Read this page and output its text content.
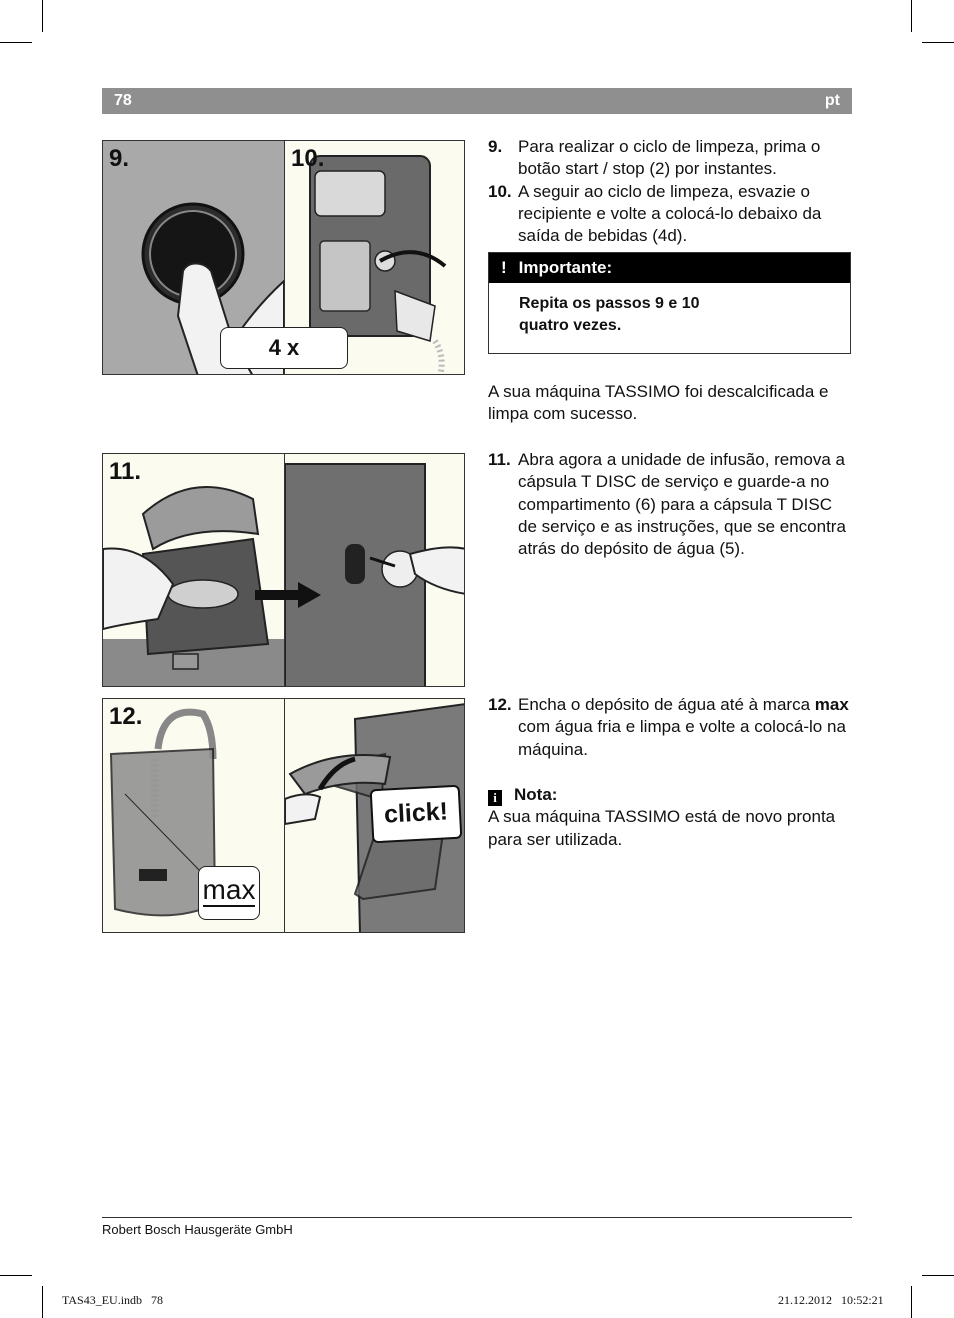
78	pt
9.	10.
4 x
11.
12.
max
click!
9. Para realizar o ciclo de limpeza, prima o botão start / stop (2) por instantes.
10. A seguir ao ciclo de limpeza, esvazie o recipiente e volte a colocá-lo debaixo da saída de bebidas (4d).
! Importante:
Repita os passos 9 e 10
quatro vezes.
A sua máquina TASSIMO foi descalcificada e limpa com sucesso.
11. Abra agora a unidade de infusão, remova a cápsula T DISC de serviço e guarde-a no compartimento (6) para a cápsula T DISC de serviço e as instruções, que se encontra atrás do depósito de água (5).
12. Encha o depósito de água até à marca max com água fria e limpa e volte a colocá-lo na máquina.
i Nota:
A sua máquina TASSIMO está de novo pronta para ser utilizada.
Robert Bosch Hausgeräte GmbH
TAS43_EU.indb   78	21.12.2012   10:52:21
